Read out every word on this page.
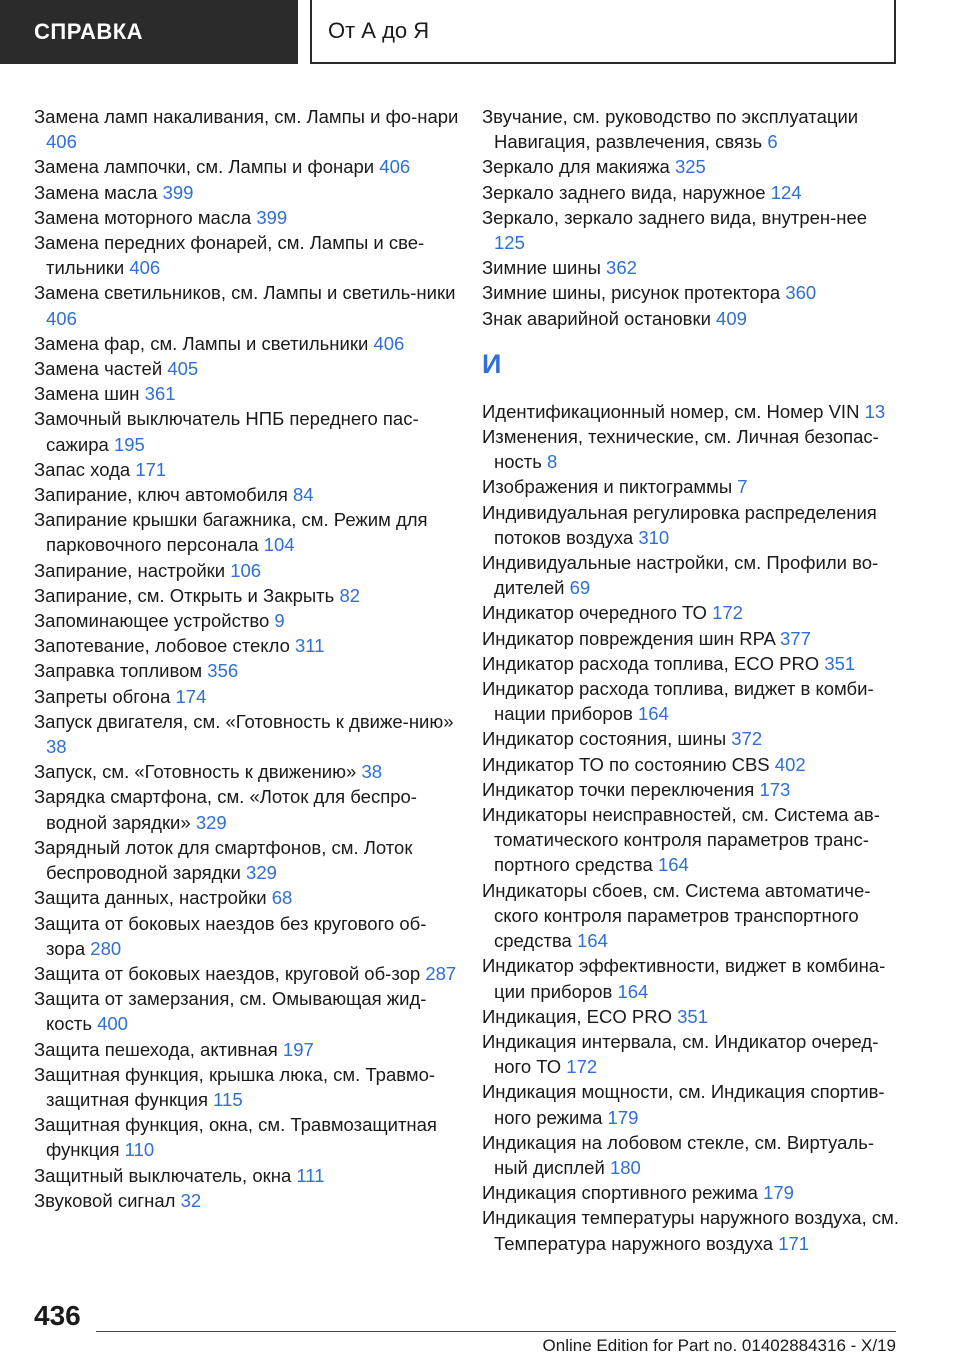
СПРАВКА	От А до Я
Замена ламп накаливания, см. Лампы и фо-нари 406
Замена лампочки, см. Лампы и фонари 406
Замена масла 399
Замена моторного масла 399
Замена передних фонарей, см. Лампы и све-тильники 406
Замена светильников, см. Лампы и светиль-ники 406
Замена фар, см. Лампы и светильники 406
Замена частей 405
Замена шин 361
Замочный выключатель НПБ переднего пас-сажира 195
Запас хода 171
Запирание, ключ автомобиля 84
Запирание крышки багажника, см. Режим для парковочного персонала 104
Запирание, настройки 106
Запирание, см. Открыть и Закрыть 82
Запоминающее устройство 9
Запотевание, лобовое стекло 311
Заправка топливом 356
Запреты обгона 174
Запуск двигателя, см. «Готовность к движе-нию» 38
Запуск, см. «Готовность к движению» 38
Зарядка смартфона, см. «Лоток для беспро-водной зарядки» 329
Зарядный лоток для смартфонов, см. Лоток беспроводной зарядки 329
Защита данных, настройки 68
Защита от боковых наездов без кругового об-зора 280
Защита от боковых наездов, круговой об-зор 287
Защита от замерзания, см. Омывающая жид-кость 400
Защита пешехода, активная 197
Защитная функция, крышка люка, см. Травмо-защитная функция 115
Защитная функция, окна, см. Травмозащитная функция 110
Защитный выключатель, окна 111
Звуковой сигнал 32
Звучание, см. руководство по эксплуатации Навигация, развлечения, связь 6
Зеркало для макияжа 325
Зеркало заднего вида, наружное 124
Зеркало, зеркало заднего вида, внутрен-нее 125
Зимние шины 362
Зимние шины, рисунок протектора 360
Знак аварийной остановки 409
И
Идентификационный номер, см. Номер VIN 13
Изменения, технические, см. Личная безопас-ность 8
Изображения и пиктограммы 7
Индивидуальная регулировка распределения потоков воздуха 310
Индивидуальные настройки, см. Профили во-дителей 69
Индикатор очередного ТО 172
Индикатор повреждения шин RPA 377
Индикатор расхода топлива, ECO PRO 351
Индикатор расхода топлива, виджет в комби-нации приборов 164
Индикатор состояния, шины 372
Индикатор ТО по состоянию CBS 402
Индикатор точки переключения 173
Индикаторы неисправностей, см. Система ав-томатического контроля параметров транс-портного средства 164
Индикаторы сбоев, см. Система автоматиче-ского контроля параметров транспортного средства 164
Индикатор эффективности, виджет в комбина-ции приборов 164
Индикация, ECO PRO 351
Индикация интервала, см. Индикатор очеред-ного ТО 172
Индикация мощности, см. Индикация спортив-ного режима 179
Индикация на лобовом стекле, см. Виртуаль-ный дисплей 180
Индикация спортивного режима 179
Индикация температуры наружного воздуха, см. Температура наружного воздуха 171
436
Online Edition for Part no. 01402884316 - X/19
